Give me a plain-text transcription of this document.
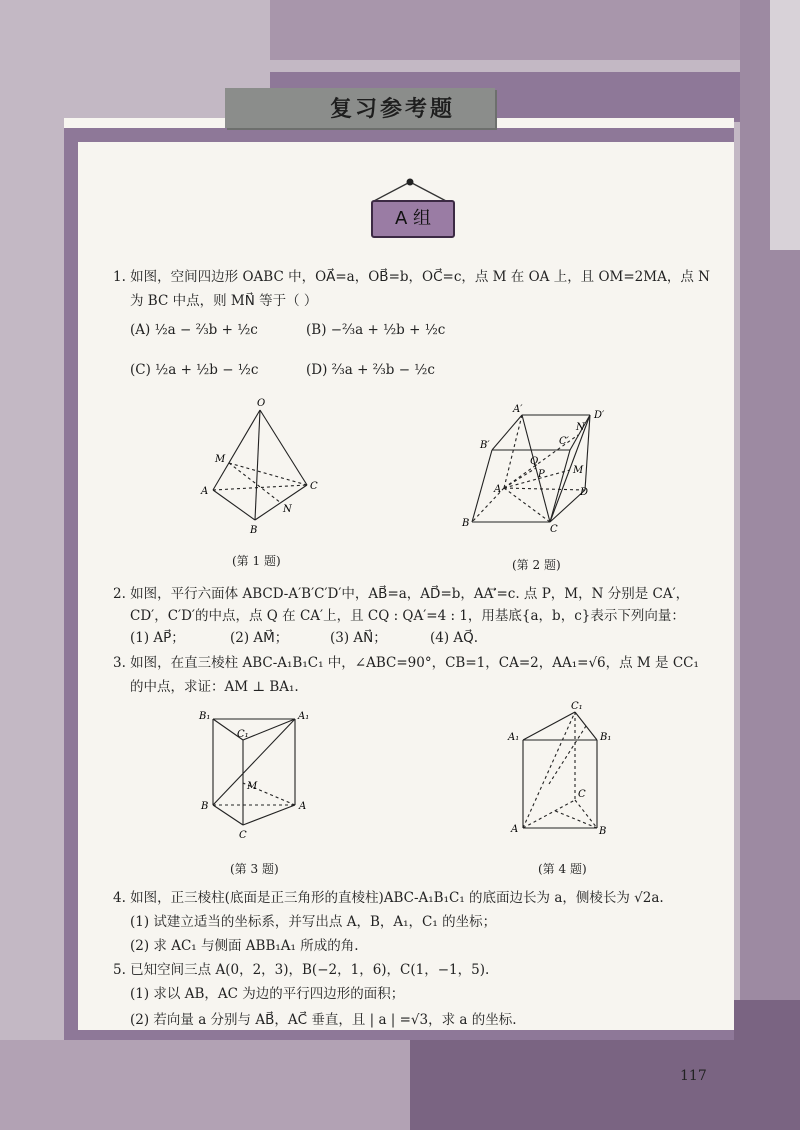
复习参考题
A 组
1. 如图，空间四边形 OABC 中，OA⃗=a，OB⃗=b，OC⃗=c，点 M 在 OA 上，且 OM=2MA，点 N
为 BC 中点，则 MN⃗ 等于（ ）
(A) ½a − ⅔b + ½c	(B) −⅔a + ½b + ½c
(C) ½a + ½b − ½c	(D) ⅔a + ⅔b − ½c
O
M
A	C
N
B
(第 1 题)
A′
D′
B′	C′
N
Q
P	M
A	D
B
C
(第 2 题)
2. 如图，平行六面体 ABCD-A′B′C′D′中，AB⃗=a，AD⃗=b，AA′⃗=c. 点 P，M，N 分别是 CA′，
CD′，C′D′的中点，点 Q 在 CA′上，且 CQ : QA′=4 : 1，用基底{a，b，c}表示下列向量：
(1) AP⃗；	(2) AM⃗；	(3) AN⃗；	(4) AQ⃗.
3. 如图，在直三棱柱 ABC-A₁B₁C₁ 中，∠ABC=90°，CB=1，CA=2，AA₁=√6，点 M 是 CC₁
的中点，求证：AM ⊥ BA₁.
B₁	A₁
C₁
M
B	A
C
(第 3 题)
C₁
A₁	B₁
C
A	B
(第 4 题)
4. 如图，正三棱柱(底面是正三角形的直棱柱)ABC-A₁B₁C₁ 的底面边长为 a，侧棱长为 √2a.
(1) 试建立适当的坐标系，并写出点 A，B，A₁，C₁ 的坐标；
(2) 求 AC₁ 与侧面 ABB₁A₁ 所成的角.
5. 已知空间三点 A(0，2，3)，B(−2，1，6)，C(1，−1，5).
(1) 求以 AB，AC 为边的平行四边形的面积；
(2) 若向量 a 分别与 AB⃗，AC⃗ 垂直，且 | a | =√3，求 a 的坐标.
117
